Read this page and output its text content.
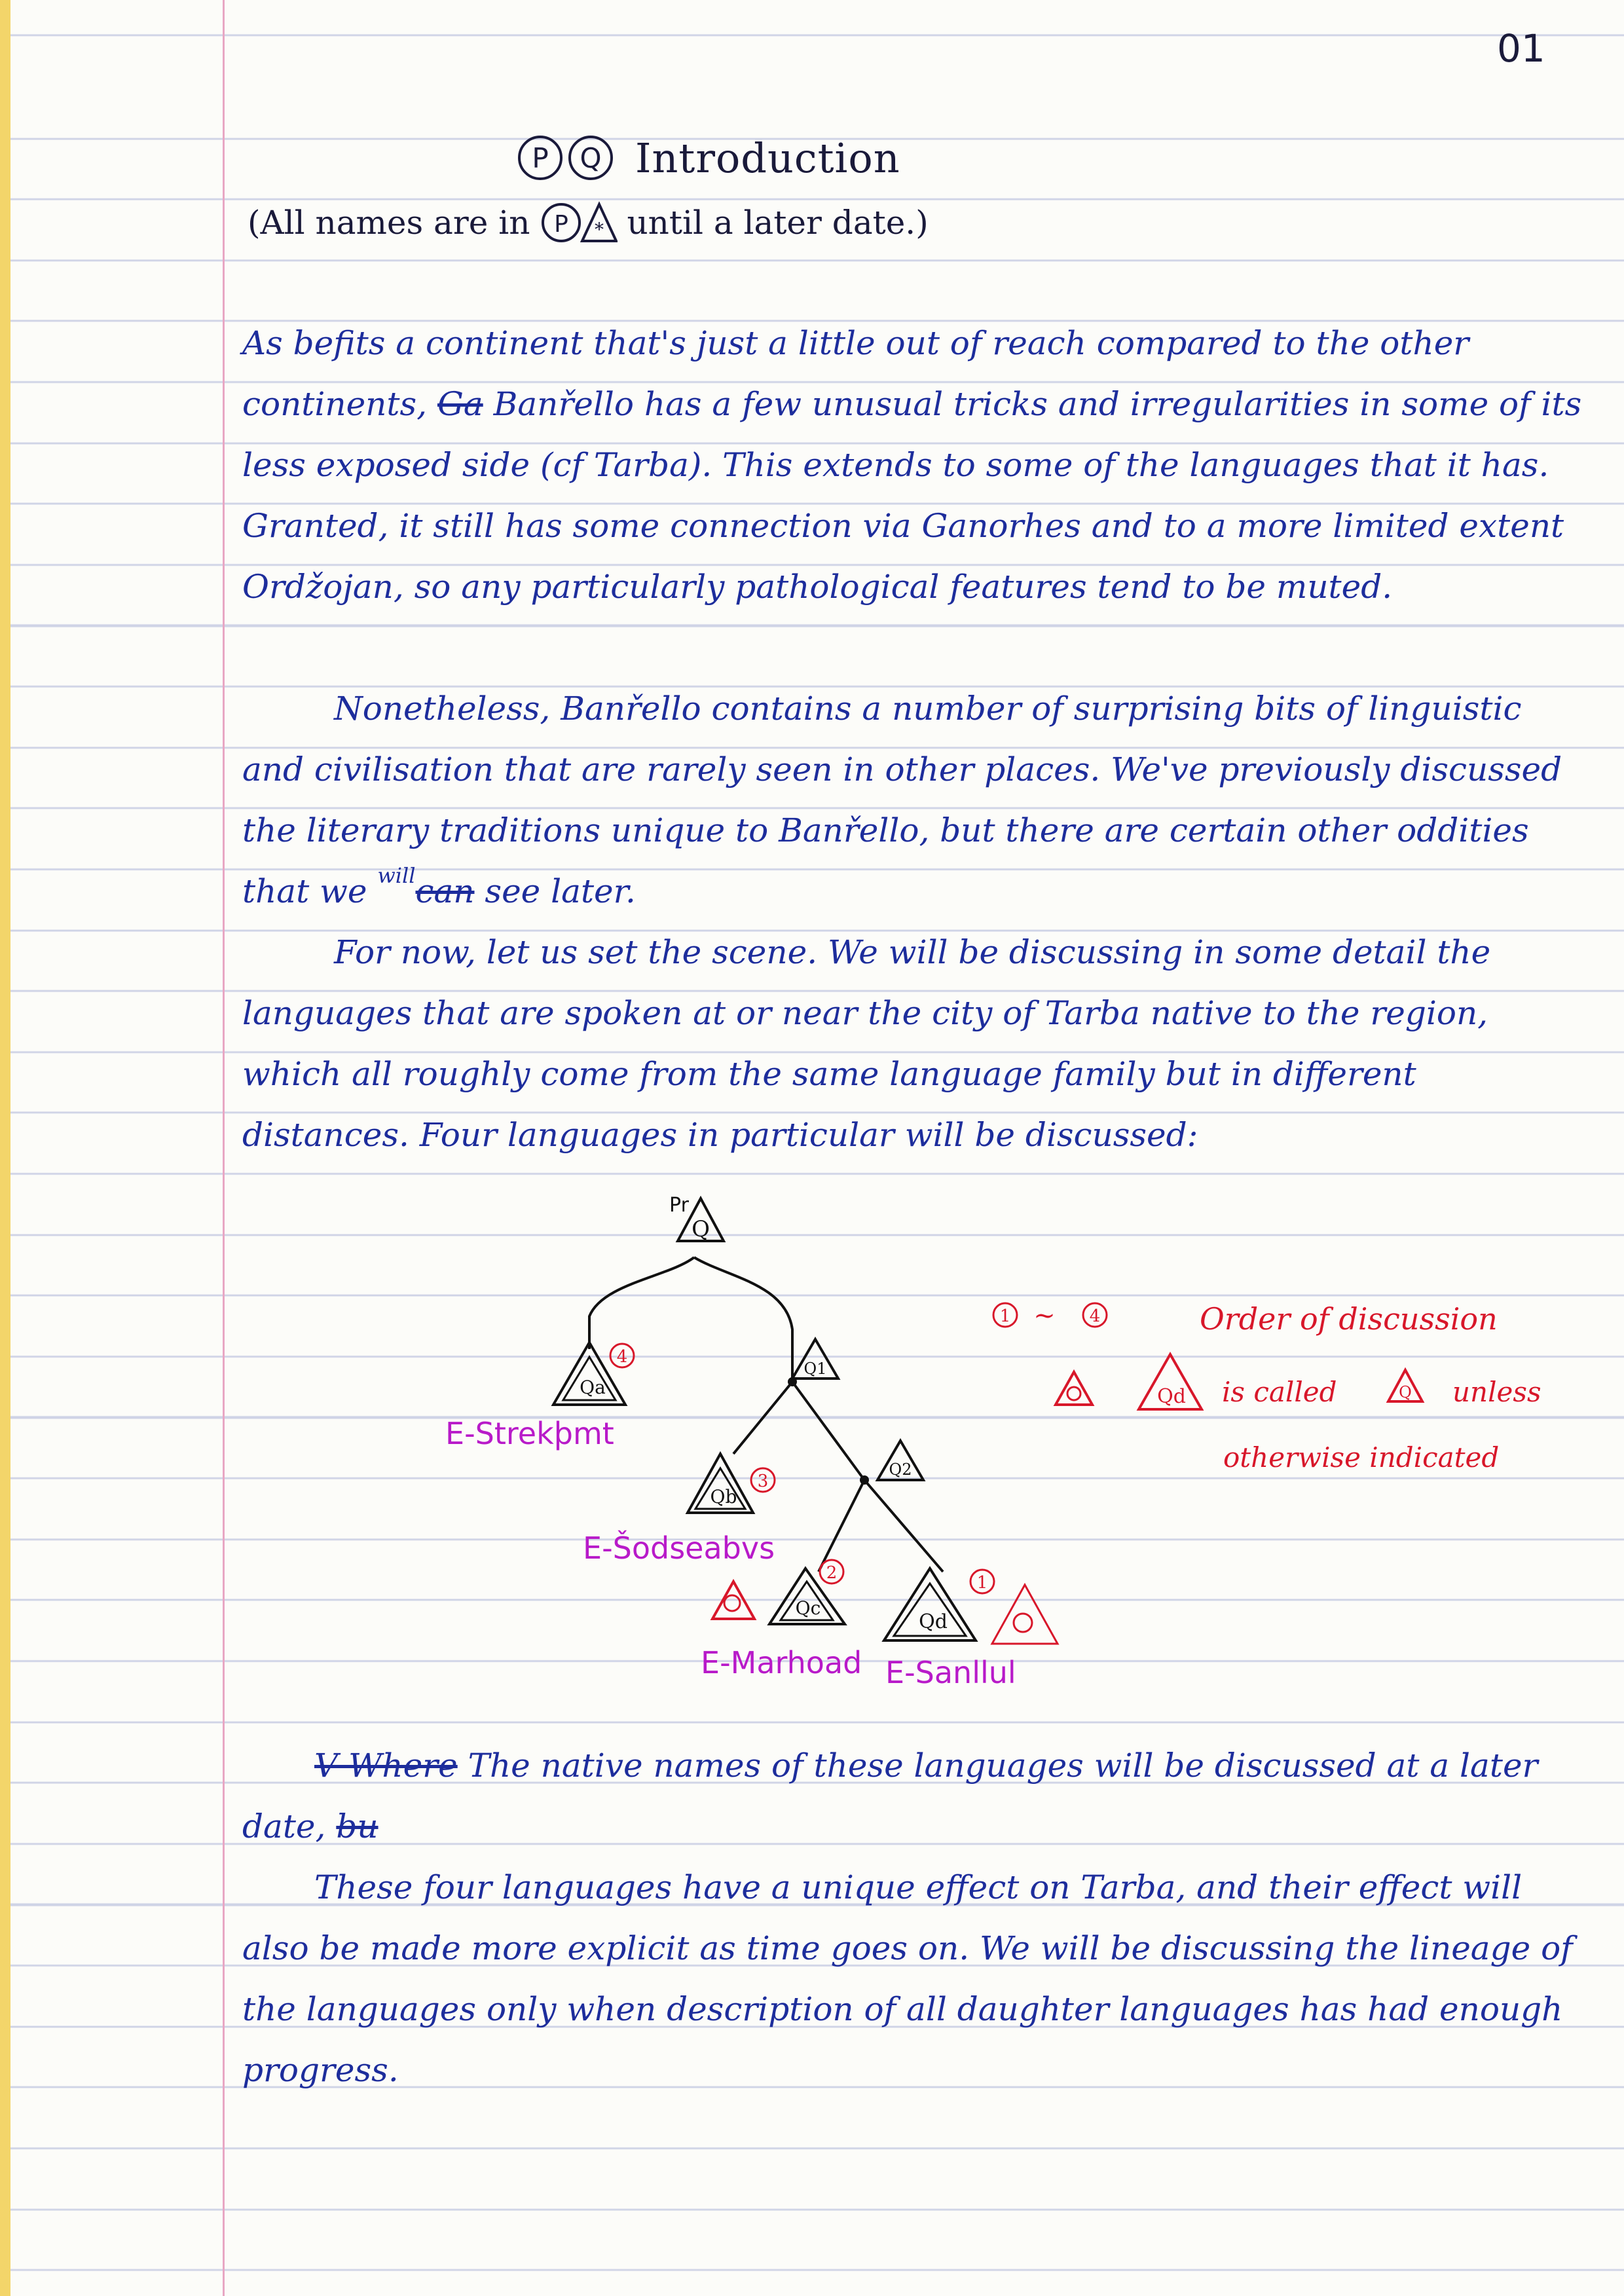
01
P Q Introduction
(All names are in P * until a later date.)

As befits a continent that's just a little out of reach compared to the other continents, Ga Banřello has a few unusual tricks and irregularities in some of its less exposed side (cf Tarba). This extends to some of the languages that it has. Granted, it still has some connection via Ganorhes and to a more limited extent Ordžojan, so any particularly pathological features tend to be muted.

Nonetheless, Banřello contains a number of surprising bits of linguistic and civilisation that are rarely seen in other places. We've previously discussed the literary traditions unique to Banřello, but there are certain other oddities that we $^{will}$can see later.

For now, let us set the scene. We will be discussing in some detail the languages that are spoken at or near the city of Tarba native to the region, which all roughly come from the same language family but in different distances. Four languages in particular will be discussed:

Pr
Q
Q1
Q2
Qa
4
Qb
3
Qc
2
Qd
1
E-Strekþmt
E-Šodseabvs
E-Marhoad E-Sanllul
1 ~ 4	Order of discussion
Qd is called	Q unless
otherwise indicated

V Where The native names of these languages will be discussed at a later date, bu

These four languages have a unique effect on Tarba, and their effect will also be made more explicit as time goes on. We will be discussing the lineage of the languages only when description of all daughter languages has had enough progress.
